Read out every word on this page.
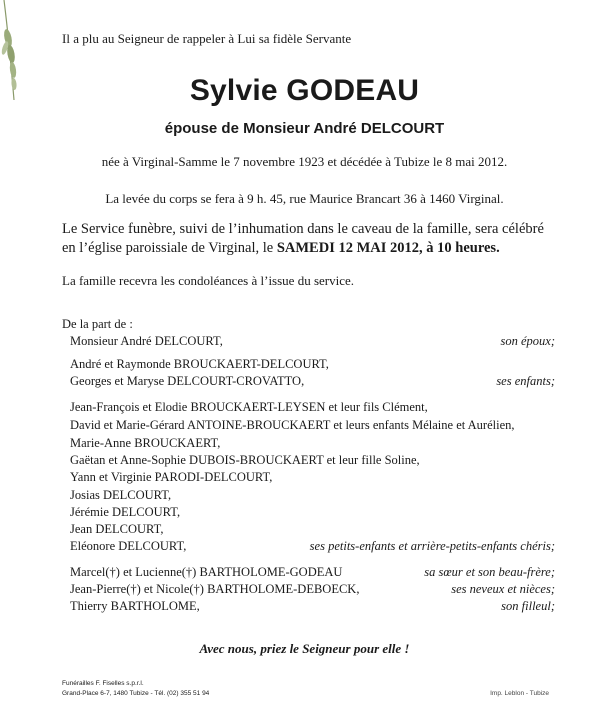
Il a plu au Seigneur de rappeler à Lui sa fidèle Servante
Sylvie GODEAU
épouse de Monsieur André DELCOURT
née à Virginal-Samme le 7 novembre 1923 et décédée à Tubize le 8 mai 2012.
La levée du corps se fera à 9 h. 45, rue Maurice Brancart 36 à 1460 Virginal.
Le Service funèbre, suivi de l’inhumation dans le caveau de la famille, sera célébré
en l’église paroissiale de Virginal, le SAMEDI 12 MAI 2012, à 10 heures.
La famille recevra les condoléances à l’issue du service.
De la part de :
Monsieur André DELCOURT,	son époux;
André et Raymonde BROUCKAERT-DELCOURT,
Georges et Maryse DELCOURT-CROVATTO,	ses enfants;
Jean-François et Elodie BROUCKAERT-LEYSEN et leur fils Clément,
David et Marie-Gérard ANTOINE-BROUCKAERT et leurs enfants Mélaine et Aurélien,
Marie-Anne BROUCKAERT,
Gaëtan et Anne-Sophie DUBOIS-BROUCKAERT et leur fille Soline,
Yann et Virginie PARODI-DELCOURT,
Josias DELCOURT,
Jérémie DELCOURT,
Jean DELCOURT,
Eléonore DELCOURT,	ses petits-enfants et arrière-petits-enfants chéris;
Marcel(†) et Lucienne(†) BARTHOLOME-GODEAU	sa sœur et son beau-frère;
Jean-Pierre(†) et Nicole(†) BARTHOLOME-DEBOECK,	ses neveux et nièces;
Thierry BARTHOLOME,	son filleul;
Avec nous, priez le Seigneur pour elle !
Funérailles F. Fiselles s.p.r.l.
Grand-Place 6-7, 1480 Tubize - Tél. (02) 355 51 94	Imp. Leblon - Tubize
